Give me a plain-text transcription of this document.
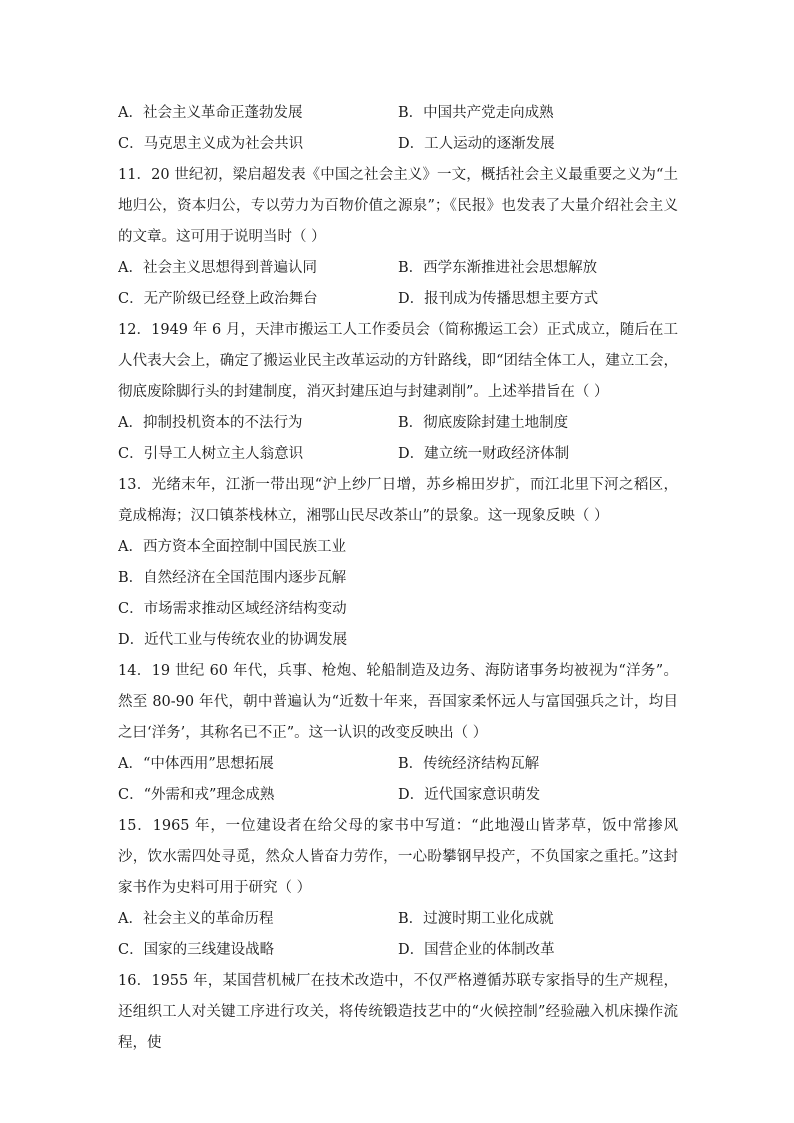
A．社会主义革命正蓬勃发展	B．中国共产党走向成熟
C．马克思主义成为社会共识	D．工人运动的逐渐发展
11．20 世纪初，梁启超发表《中国之社会主义》一文，概括社会主义最重要之义为“土地归公，资本归公，专以劳力为百物价值之源泉”；《民报》也发表了大量介绍社会主义的文章。这可用于说明当时（ ）
A．社会主义思想得到普遍认同	B．西学东渐推进社会思想解放
C．无产阶级已经登上政治舞台	D．报刊成为传播思想主要方式
12．1949 年 6 月，天津市搬运工人工作委员会（简称搬运工会）正式成立，随后在工人代表大会上，确定了搬运业民主改革运动的方针路线，即“团结全体工人，建立工会，彻底废除脚行头的封建制度，消灭封建压迫与封建剥削”。上述举措旨在（ ）
A．抑制投机资本的不法行为	B．彻底废除封建土地制度
C．引导工人树立主人翁意识	D．建立统一财政经济体制
13．光绪末年，江浙一带出现“沪上纱厂日增，苏乡棉田岁扩，而江北里下河之稻区，竟成棉海；汉口镇茶栈林立，湘鄂山民尽改茶山”的景象。这一现象反映（ ）
A．西方资本全面控制中国民族工业
B．自然经济在全国范围内逐步瓦解
C．市场需求推动区域经济结构变动
D．近代工业与传统农业的协调发展
14．19 世纪 60 年代，兵事、枪炮、轮船制造及边务、海防诸事务均被视为“洋务”。然至 80-90 年代，朝中普遍认为“近数十年来，吾国家柔怀远人与富国强兵之计，均目之曰‘洋务’，其称名已不正”。这一认识的改变反映出（ ）
A．“中体西用”思想拓展	B．传统经济结构瓦解
C．“外需和戎”理念成熟	D．近代国家意识萌发
15．1965 年，一位建设者在给父母的家书中写道：“此地漫山皆茅草，饭中常掺风沙，饮水需四处寻觅，然众人皆奋力劳作，一心盼攀钢早投产，不负国家之重托。”这封家书作为史料可用于研究（ ）
A．社会主义的革命历程	B．过渡时期工业化成就
C．国家的三线建设战略	D．国营企业的体制改革
16．1955 年，某国营机械厂在技术改造中，不仅严格遵循苏联专家指导的生产规程，还组织工人对关键工序进行攻关，将传统锻造技艺中的“火候控制”经验融入机床操作流程，使
